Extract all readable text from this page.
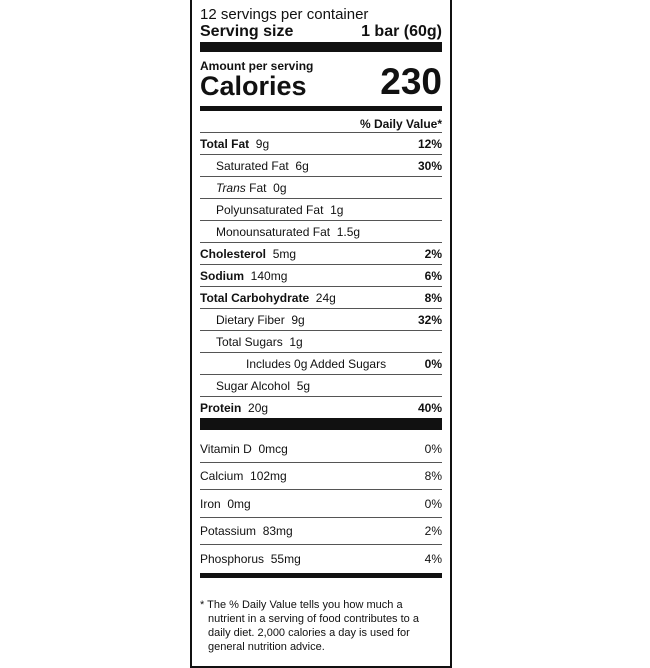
12 servings per container
Serving size	1 bar (60g)
Amount per serving
Calories 230
% Daily Value*
Total Fat 9g	12%
Saturated Fat 6g	30%
Trans Fat 0g
Polyunsaturated Fat 1g
Monounsaturated Fat 1.5g
Cholesterol 5mg	2%
Sodium 140mg	6%
Total Carbohydrate 24g	8%
Dietary Fiber 9g	32%
Total Sugars 1g
Includes 0g Added Sugars	0%
Sugar Alcohol 5g
Protein 20g	40%
Vitamin D 0mcg	0%
Calcium 102mg	8%
Iron 0mg	0%
Potassium 83mg	2%
Phosphorus 55mg	4%

* The % Daily Value tells you how much a nutrient in a serving of food contributes to a daily diet. 2,000 calories a day is used for general nutrition advice.
